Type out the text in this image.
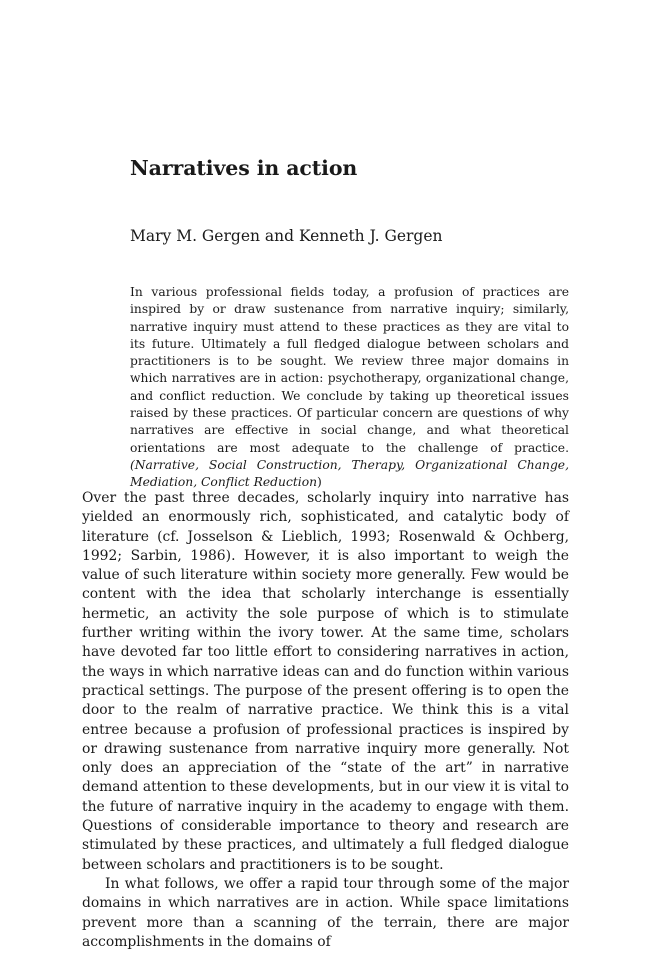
Narratives in action

Mary M. Gergen and Kenneth J. Gergen

In various professional fields today, a profusion of practices are inspired by or draw sustenance from narrative inquiry; similarly, narrative inquiry must attend to these practices as they are vital to its future. Ultimately a full fledged dialogue between scholars and practitioners is to be sought. We review three major domains in which narratives are in action: psychotherapy, organizational change, and conflict reduction. We conclude by taking up theoretical issues raised by these practices. Of particular concern are questions of why narratives are effective in social change, and what theoretical orientations are most adequate to the challenge of practice. (Narrative, Social Construction, Therapy, Organizational Change, Mediation, Conflict Reduction)

Over the past three decades, scholarly inquiry into narrative has yielded an enormously rich, sophisticated, and catalytic body of literature (cf. Josselson & Lieblich, 1993; Rosenwald & Ochberg, 1992; Sarbin, 1986). However, it is also important to weigh the value of such literature within society more generally. Few would be content with the idea that scholarly interchange is essentially hermetic, an activity the sole purpose of which is to stimulate further writing within the ivory tower. At the same time, scholars have devoted far too little effort to considering narratives in action, the ways in which narrative ideas can and do function within various practical settings. The purpose of the present offering is to open the door to the realm of narrative practice. We think this is a vital entree because a profusion of professional practices is inspired by or drawing sustenance from narrative inquiry more generally. Not only does an appreciation of the “state of the art” in narrative demand attention to these developments, but in our view it is vital to the future of narrative inquiry in the academy to engage with them. Questions of considerable importance to theory and research are stimulated by these practices, and ultimately a full fledged dialogue between scholars and practitioners is to be sought.

In what follows, we offer a rapid tour through some of the major domains in which narratives are in action. While space limitations prevent more than a scanning of the terrain, there are major accomplishments in the domains of
